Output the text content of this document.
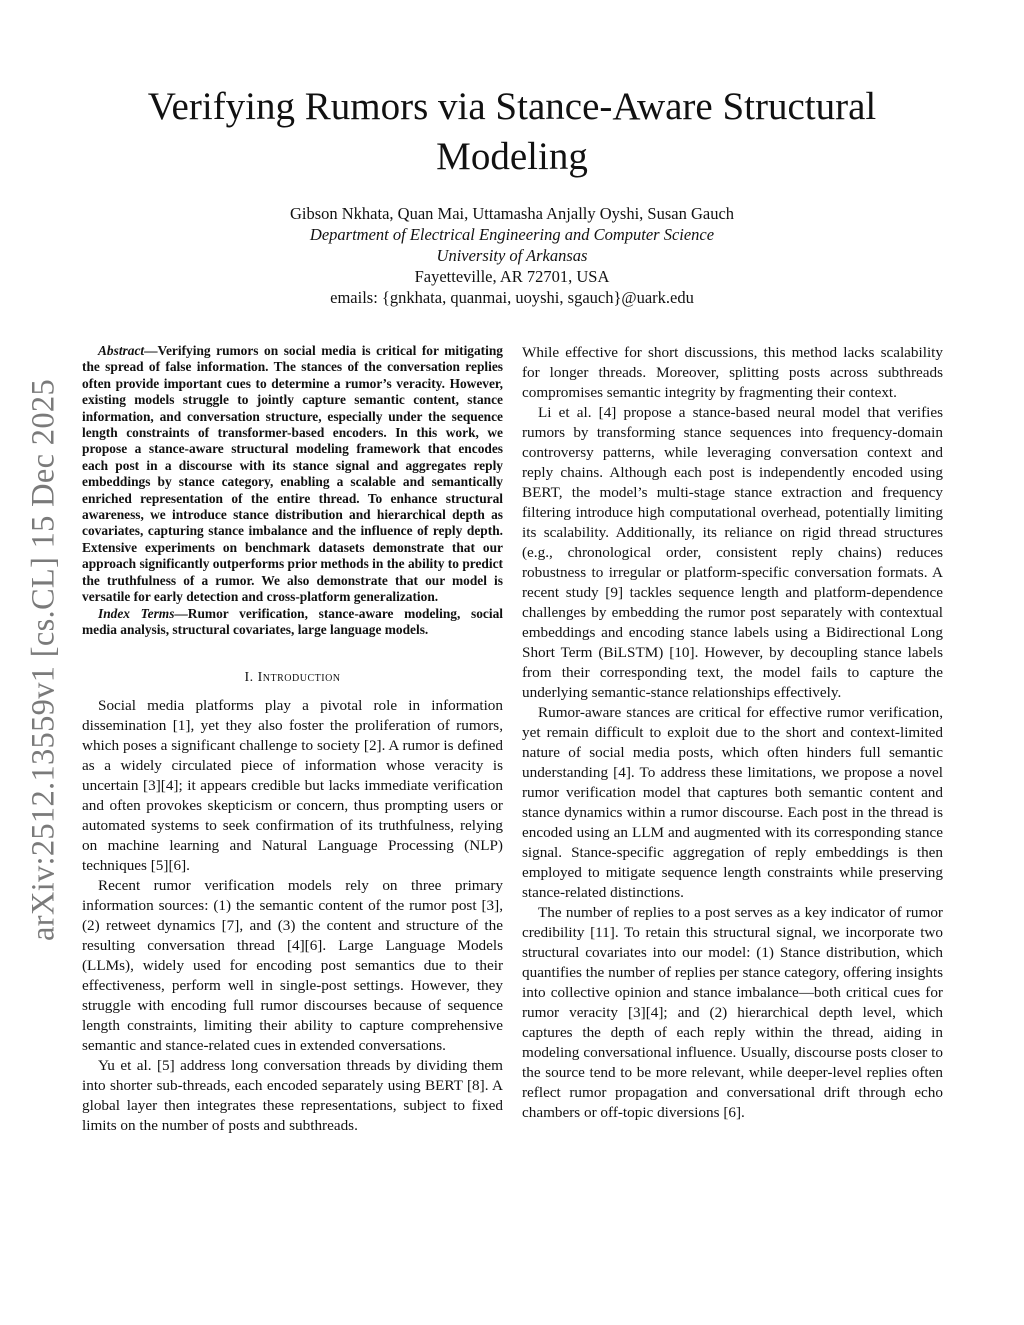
arXiv:2512.13559v1 [cs.CL] 15 Dec 2025
Verifying Rumors via Stance-Aware Structural
Modeling
Gibson Nkhata, Quan Mai, Uttamasha Anjally Oyshi, Susan Gauch
Department of Electrical Engineering and Computer Science
University of Arkansas
Fayetteville, AR 72701, USA
emails: {gnkhata, quanmai, uoyshi, sgauch}@uark.edu

Abstract—Verifying rumors on social media is critical for mitigating the spread of false information. The stances of the conversation replies often provide important cues to determine a rumor’s veracity. However, existing models struggle to jointly capture semantic content, stance information, and conversation structure, especially under the sequence length constraints of transformer-based encoders. In this work, we propose a stance-aware structural modeling framework that encodes each post in a discourse with its stance signal and aggregates reply embeddings by stance category, enabling a scalable and semantically enriched representation of the entire thread. To enhance structural awareness, we introduce stance distribution and hierarchical depth as covariates, capturing stance imbalance and the influence of reply depth. Extensive experiments on benchmark datasets demonstrate that our approach significantly outperforms prior methods in the ability to predict the truthfulness of a rumor. We also demonstrate that our model is versatile for early detection and cross-platform generalization.

Index Terms—Rumor verification, stance-aware modeling, social media analysis, structural covariates, large language models.

I. Introduction

Social media platforms play a pivotal role in information dissemination [1], yet they also foster the proliferation of rumors, which poses a significant challenge to society [2]. A rumor is defined as a widely circulated piece of information whose veracity is uncertain [3][4]; it appears credible but lacks immediate verification and often provokes skepticism or concern, thus prompting users or automated systems to seek confirmation of its truthfulness, relying on machine learning and Natural Language Processing (NLP) techniques [5][6].

Recent rumor verification models rely on three primary information sources: (1) the semantic content of the rumor post [3], (2) retweet dynamics [7], and (3) the content and structure of the resulting conversation thread [4][6]. Large Language Models (LLMs), widely used for encoding post semantics due to their effectiveness, perform well in single-post settings. However, they struggle with encoding full rumor discourses because of sequence length constraints, limiting their ability to capture comprehensive semantic and stance-related cues in extended conversations.

Yu et al. [5] address long conversation threads by dividing them into shorter sub-threads, each encoded separately using BERT [8]. A global layer then integrates these representations, subject to fixed limits on the number of posts and subthreads.

While effective for short discussions, this method lacks scalability for longer threads. Moreover, splitting posts across subthreads compromises semantic integrity by fragmenting their context.

Li et al. [4] propose a stance-based neural model that verifies rumors by transforming stance sequences into frequency-domain controversy patterns, while leveraging conversation context and reply chains. Although each post is independently encoded using BERT, the model’s multi-stage stance extraction and frequency filtering introduce high computational overhead, potentially limiting its scalability. Additionally, its reliance on rigid thread structures (e.g., chronological order, consistent reply chains) reduces robustness to irregular or platform-specific conversation formats. A recent study [9] tackles sequence length and platform-dependence challenges by embedding the rumor post separately with contextual embeddings and encoding stance labels using a Bidirectional Long Short Term (BiLSTM) [10]. However, by decoupling stance labels from their corresponding text, the model fails to capture the underlying semantic-stance relationships effectively.

Rumor-aware stances are critical for effective rumor verification, yet remain difficult to exploit due to the short and context-limited nature of social media posts, which often hinders full semantic understanding [4]. To address these limitations, we propose a novel rumor verification model that captures both semantic content and stance dynamics within a rumor discourse. Each post in the thread is encoded using an LLM and augmented with its corresponding stance signal. Stance-specific aggregation of reply embeddings is then employed to mitigate sequence length constraints while preserving stance-related distinctions.

The number of replies to a post serves as a key indicator of rumor credibility [11]. To retain this structural signal, we incorporate two structural covariates into our model: (1) Stance distribution, which quantifies the number of replies per stance category, offering insights into collective opinion and stance imbalance—both critical cues for rumor veracity [3][4]; and (2) hierarchical depth level, which captures the depth of each reply within the thread, aiding in modeling conversational influence. Usually, discourse posts closer to the source tend to be more relevant, while deeper-level replies often reflect rumor propagation and conversational drift through echo chambers or off-topic diversions [6].
